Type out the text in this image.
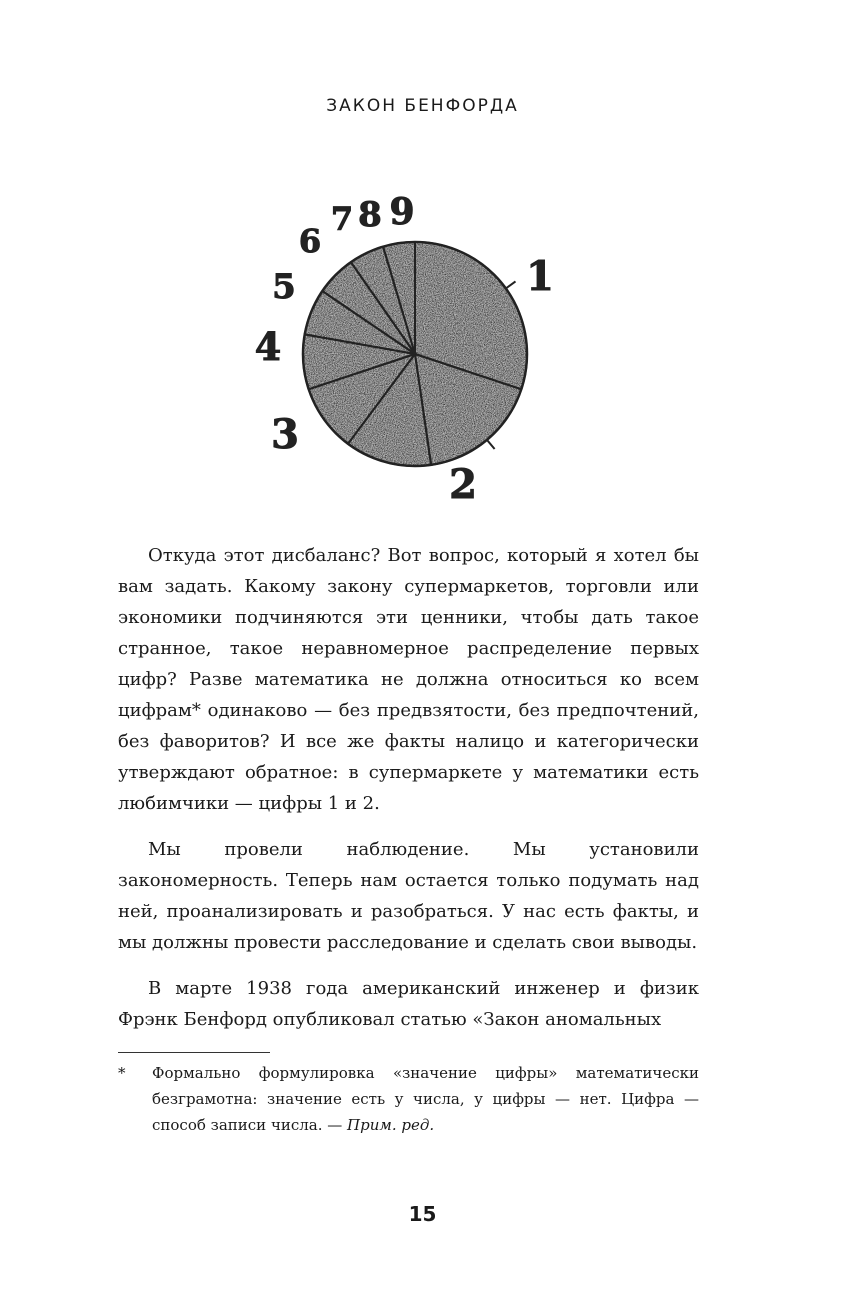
ЗАКОН БЕНФОРДА
1
2
3
4
5
6
7 8 9

Откуда этот дисбаланс? Вот вопрос, который я хотел бы вам задать. Какому закону супермаркетов, торговли или экономики подчиняются эти ценники, чтобы дать такое странное, такое неравномерное распределение первых цифр? Разве математика не должна относиться ко всем цифрам* одинаково — без предвзятости, без предпочтений, без фаворитов? И все же факты налицо и категорически утверждают обратное: в супермаркете у математики есть любимчики — цифры 1 и 2.

Мы провели наблюдение. Мы установили закономерность. Теперь нам остается только подумать над ней, проанализировать и разобраться. У нас есть факты, и мы должны провести расследование и сделать свои выводы.

В марте 1938 года американский инженер и физик Фрэнк Бенфорд опубликовал статью «Закон аномальных

*	Формально формулировка «значение цифры» математически безграмотна: значение есть у числа, у цифры — нет. Цифра — способ записи числа. — Прим. ред.
15
